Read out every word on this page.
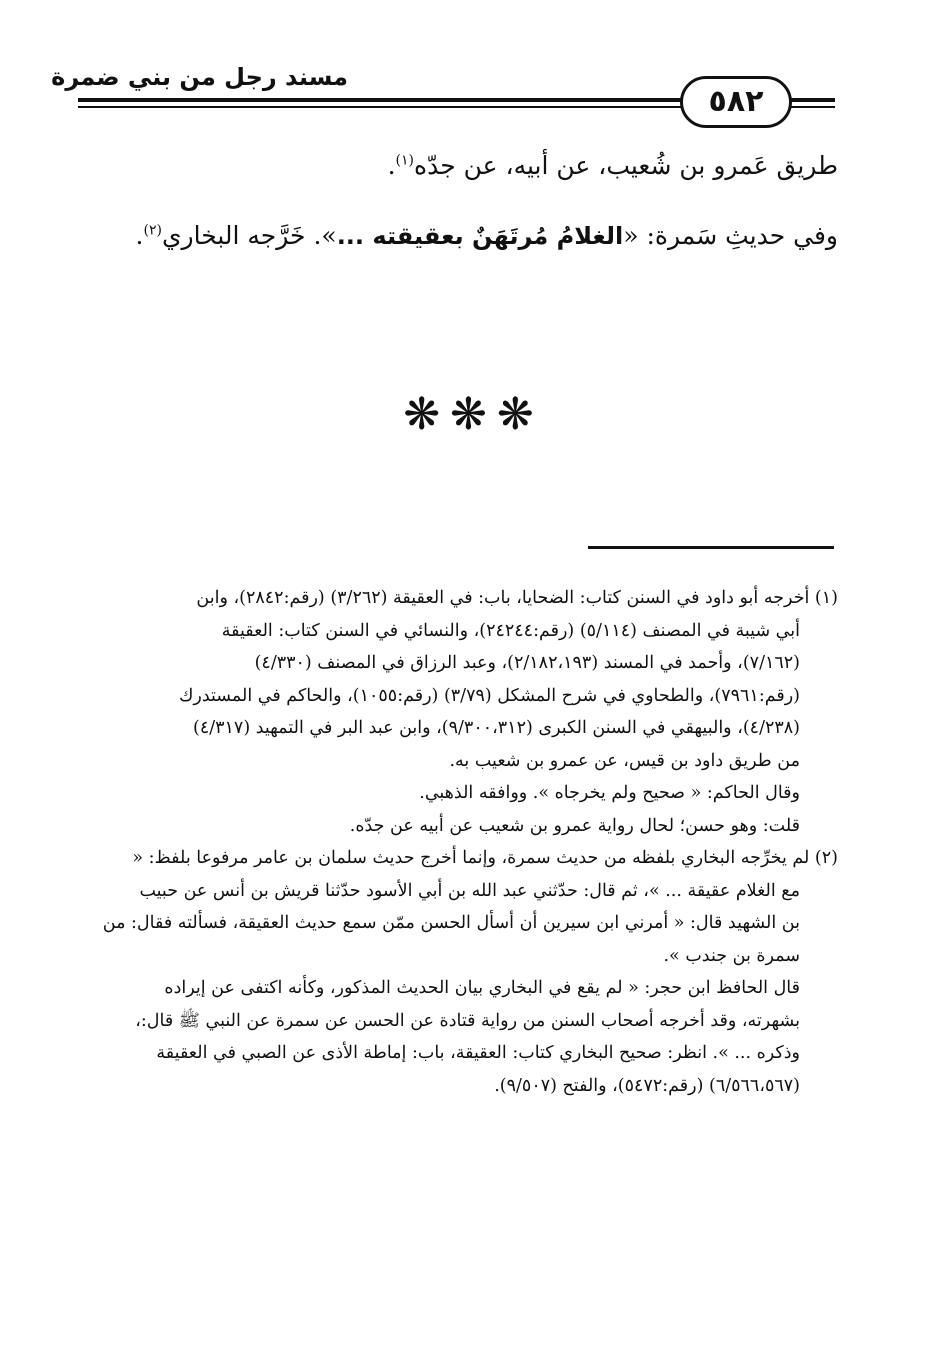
مسند رجل من بني ضمرة
٥٨٢
طريق عَمرو بن شُعيب، عن أبيه، عن جدّه$^{(١)}$.
وفي حديثِ سَمرة: «الغلامُ مُرتَهَنٌ بعقيقته ...». خَرَّجه البخاري$^{(٢)}$.
❋❋❋
(١) أخرجه أبو داود في السنن كتاب: الضحايا، باب: في العقيقة (٣/٢٦٢) (رقم:٢٨٤٢)، وابن
أبي شيبة في المصنف (٥/١١٤) (رقم:٢٤٢٤٤)، والنسائي في السنن كتاب: العقيقة
(٧/١٦٢)، وأحمد في المسند (٢/١٨٢،١٩٣)، وعبد الرزاق في المصنف (٤/٣٣٠)
(رقم:٧٩٦١)، والطحاوي في شرح المشكل (٣/٧٩) (رقم:١٠٥٥)، والحاكم في المستدرك
(٤/٢٣٨)، والبيهقي في السنن الكبرى (٩/٣٠٠،٣١٢)، وابن عبد البر في التمهيد (٤/٣١٧)
من طريق داود بن قيس، عن عمرو بن شعيب به.
وقال الحاكم: « صحيح ولم يخرجاه ». ووافقه الذهبي.
قلت: وهو حسن؛ لحال رواية عمرو بن شعيب عن أبيه عن جدّه.
(٢) لم يخرِّجه البخاري بلفظه من حديث سمرة، وإنما أخرج حديث سلمان بن عامر مرفوعا بلفظ: «
مع الغلام عقيقة ... »، ثم قال: حدّثني عبد الله بن أبي الأسود حدّثنا قريش بن أنس عن حبيب
بن الشهيد قال: « أمرني ابن سيرين أن أسأل الحسن ممّن سمع حديث العقيقة، فسألته فقال: من
سمرة بن جندب ».
قال الحافظ ابن حجر: « لم يقع في البخاري بيان الحديث المذكور، وكأنه اكتفى عن إيراده
بشهرته، وقد أخرجه أصحاب السنن من رواية قتادة عن الحسن عن سمرة عن النبي ﷺ قال:،
وذكره ... ». انظر: صحيح البخاري كتاب: العقيقة، باب: إماطة الأذى عن الصبي في العقيقة
(٦/٥٦٦،٥٦٧) (رقم:٥٤٧٢)، والفتح (٩/٥٠٧).
